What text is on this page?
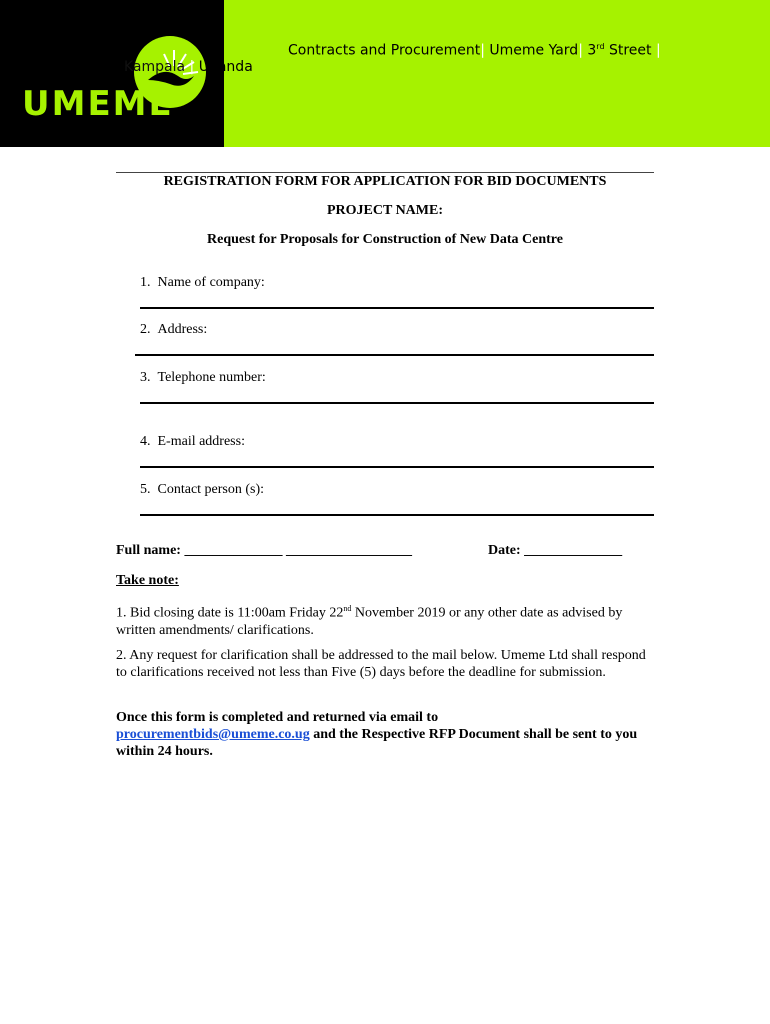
UMEME
Contracts and Procurement| Umeme Yard| 3rd Street |
Kampala | Uganda
REGISTRATION FORM FOR APPLICATION FOR BID DOCUMENTS
PROJECT NAME:
Request for Proposals for Construction of New Data Centre
1. Name of company:
2. Address:
3. Telephone number:
4. E-mail address:
5. Contact person (s):
Full name: ______________ __________________	Date: ______________
Take note:
1. Bid closing date is 11:00am Friday 22nd November 2019 or any other date as advised by written amendments/ clarifications.
2. Any request for clarification shall be addressed to the mail below. Umeme Ltd shall respond to clarifications received not less than Five (5) days before the deadline for submission.
Once this form is completed and returned via email to
procurementbids@umeme.co.ug and the Respective RFP Document shall be sent to you within 24 hours.
